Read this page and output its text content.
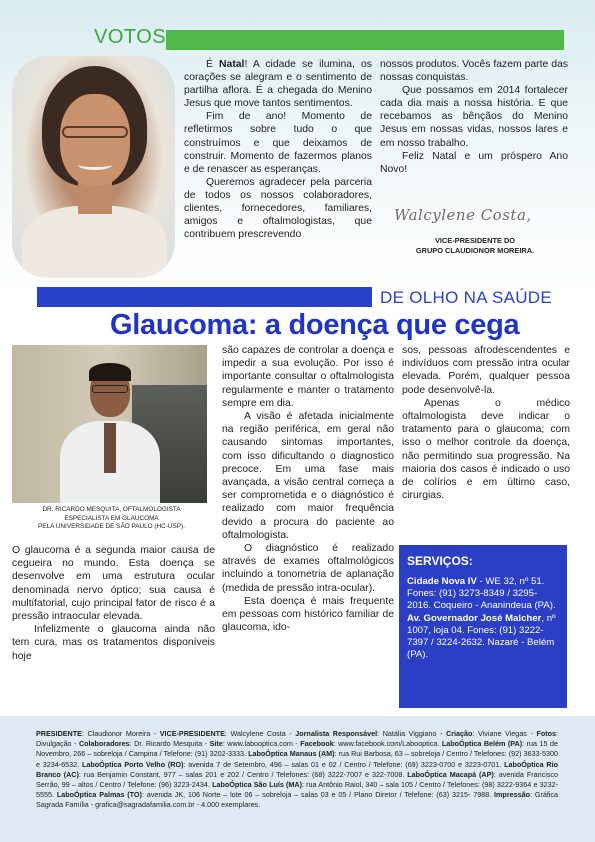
VOTOS

É Natal! A cidade se ilumina, os corações se alegram e o sentimento de partilha aflora. É a chegada do Menino Jesus que move tantos sentimentos.

Fim de ano! Momento de refletirmos sobre tudo o que construímos e que deixamos de construir. Momento de fazermos planos e de renascer as esperanças.

Queremos agradecer pela parceria de todos os nossos colaboradores, clientes, fornecedores, familiares, amigos e oftalmologistas, que contribuem prescrevendo

nossos produtos. Vocês fazem parte das nossas conquistas.

Que possamos em 2014 fortalecer cada dia mais a nossa história. E que recebamos as bênçãos do Menino Jesus em nossas vidas, nossos lares e em nosso trabalho.

Feliz Natal e um próspero Ano Novo!

Walcylene Costa,
VICE-PRESIDENTE DO
GRUPO CLAUDIONOR MOREIRA.
DE OLHO NA SAÚDE
Glaucoma: a doença que cega
DR. RICARDO MESQUITA, OFTALMOLOGISTA
ESPECIALISTA EM GLAUCOMA
PELA UNIVERSIDADE DE SÃO PAULO (HC-USP).

O glaucoma é a segunda maior causa de cegueira no mundo. Esta doença se desenvolve em uma estrutura ocular denominada nervo óptico; sua causa é multifatorial, cujo principal fator de risco é a pressão intraocular elevada.

Infelizmente o glaucoma ainda não tem cura, mas os tratamentos disponíveis hoje

são capazes de controlar a doença e impedir a sua evolução. Por isso é importante consultar o oftalmologista regularmente e manter o tratamento sempre em dia.

A visão é afetada inicialmente na região periférica, em geral não causando sintomas importantes, com isso dificultando o diagnostico precoce. Em uma fase mais avançada, a visão central começa a ser comprometida e o diagnóstico é realizado com maior frequência devido a procura do paciente ao oftalmologista.

O diagnóstico é realizado através de exames oftalmológicos incluindo a tonometria de aplanação (medida de pressão intra-ocular).

Esta doença é mais frequente em pessoas com histórico familiar de glaucoma, ido-

sos, pessoas afrodescendentes e indivíduos com pressão intra ocular elevada. Porém, qualquer pessoa pode desenvolvê-la.

Apenas o médico oftalmologista deve indicar o tratamento para o glaucoma; com isso o melhor controle da doença, não permitindo sua progressão. Na maioria dos casos é indicado o uso de colírios e em último caso, cirurgias.

SERVIÇOS:
Cidade Nova IV - WE 32, nº 51. Fones: (91) 3273-8349 / 3295-2016. Coqueiro - Ananindeua (PA).
Av. Governador José Malcher, nº 1007, loja 04. Fones: (91) 3222-7397 / 3224-2632. Nazaré - Belém (PA).
PRESIDENTE: Claudionor Moreira - VICE-PRESIDENTE: Walcylene Costa - Jornalista Responsável: Natália Viggiano - Criação: Viviane Viegas - Fotos: Divulgação - Colaboradores: Dr. Ricardo Mesquita - Site: www.labooptica.com - Facebook: www.facebook.com/Laboоptica. LaboÓptica Belém (PA): rua 15 de Novembro, 266 – sobreloja / Campina / Telefone: (91) 3202-3333. LaboÓptica Manaus (AM): rua Rui Barbosa, 63 – sobreloja / Centro / Telefones: (92) 3633-5300 e 3234-6532. LaboÓptica Porto Velho (RO): avenida 7 de Setembro, 496 – salas 01 e 02 / Centro / Telefone: (69) 3223-0700 e 3223-0701. LaboÓptica Rio Branco (AC): rua Benjamin Constant, 977 – salas 201 e 202 / Centro / Telefones: (68) 3222-7007 e 322-7008. LaboÓptica Macapá (AP): avenida Francisco Serrão, 99 – altos / Centro / Telefone: (96) 3223-2434. LaboÓptica São Luís (MA): rua Antônio Raiol, 340 – sala 105 / Centro / Telefones: (98) 3222-9364 e 3232-5555. LaboÓptica Palmas (TO): avenida JK, 106 Norte – lote 06 – sobreloja – salas 03 e 05 / Plano Diretor / Telefone: (63) 3215- 7988. Impressão: Gráfica Sagrada Família - grafica@sagradafamilia.com.br - 4.000 exemplares.
